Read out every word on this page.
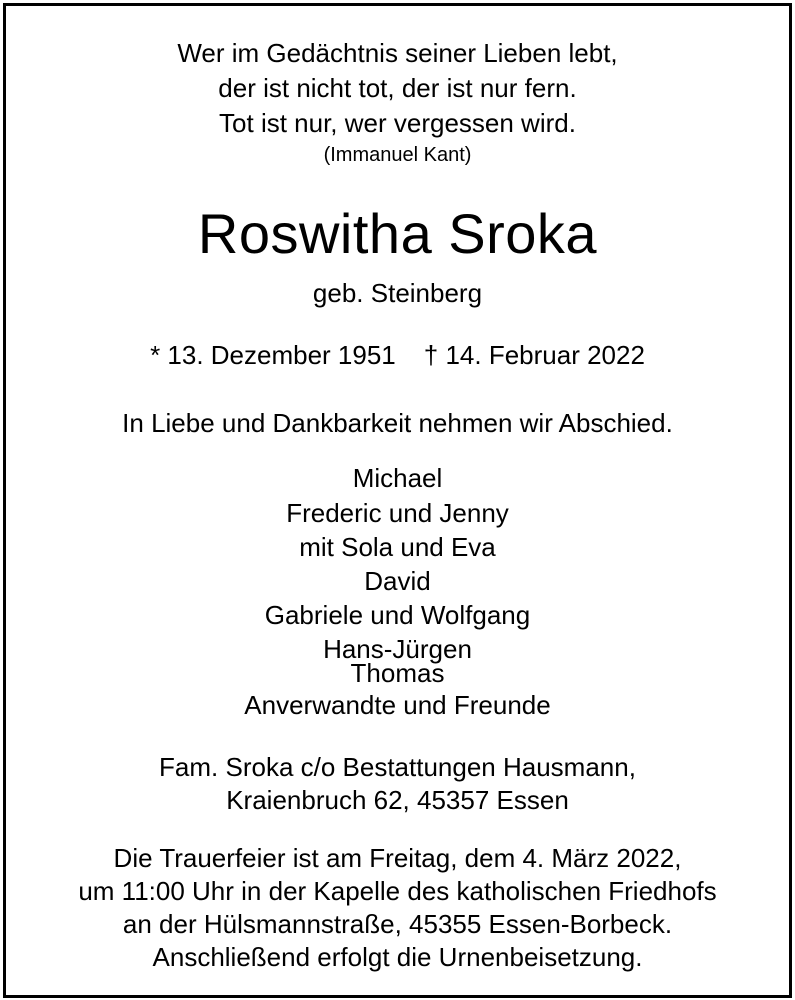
Wer im Gedächtnis seiner Lieben lebt,
der ist nicht tot, der ist nur fern.
Tot ist nur, wer vergessen wird.
(Immanuel Kant)
Roswitha Sroka
geb. Steinberg
* 13. Dezember 1951 † 14. Februar 2022
In Liebe und Dankbarkeit nehmen wir Abschied.
Michael
Frederic und Jenny
mit Sola und Eva
David
Gabriele und Wolfgang
Hans-Jürgen
Thomas
Anverwandte und Freunde
Fam. Sroka c/o Bestattungen Hausmann,
Kraienbruch 62, 45357 Essen
Die Trauerfeier ist am Freitag, dem 4. März 2022,
um 11:00 Uhr in der Kapelle des katholischen Friedhofs
an der Hülsmannstraße, 45355 Essen-Borbeck.
Anschließend erfolgt die Urnenbeisetzung.
